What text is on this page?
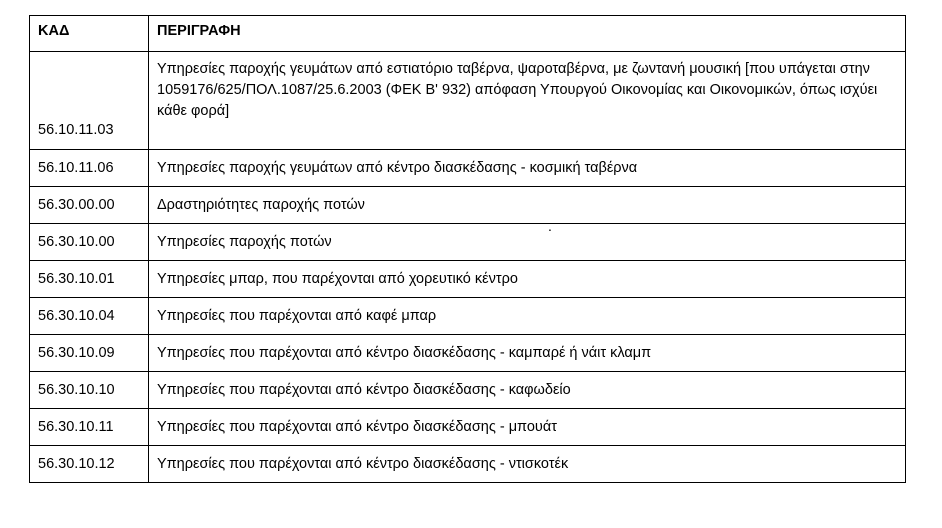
ΚΑΔ	ΠΕΡΙΓΡΑΦΗ
56.10.11.03	Υπηρεσίες παροχής γευμάτων από εστιατόριο ταβέρνα, ψαροταβέρνα, με ζωντανή μουσική [που υπάγεται στην 1059176/625/ΠΟΛ.1087/25.6.2003 (ΦΕΚ Β' 932) απόφαση Υπουργού Οικονομίας και Οικονομικών, όπως ισχύει κάθε φορά]
56.10.11.06	Υπηρεσίες παροχής γευμάτων από κέντρο διασκέδασης - κοσμική ταβέρνα
56.30.00.00	Δραστηριότητες παροχής ποτών
56.30.10.00	Υπηρεσίες παροχής ποτών
56.30.10.01	Υπηρεσίες μπαρ, που παρέχονται από χορευτικό κέντρο
56.30.10.04	Υπηρεσίες που παρέχονται από καφέ μπαρ
56.30.10.09	Υπηρεσίες που παρέχονται από κέντρο διασκέδασης - καμπαρέ ή νάιτ κλαμπ
56.30.10.10	Υπηρεσίες που παρέχονται από κέντρο διασκέδασης - καφωδείο
56.30.10.11	Υπηρεσίες που παρέχονται από κέντρο διασκέδασης - μπουάτ
56.30.10.12	Υπηρεσίες που παρέχονται από κέντρο διασκέδασης - ντισκοτέκ
.
